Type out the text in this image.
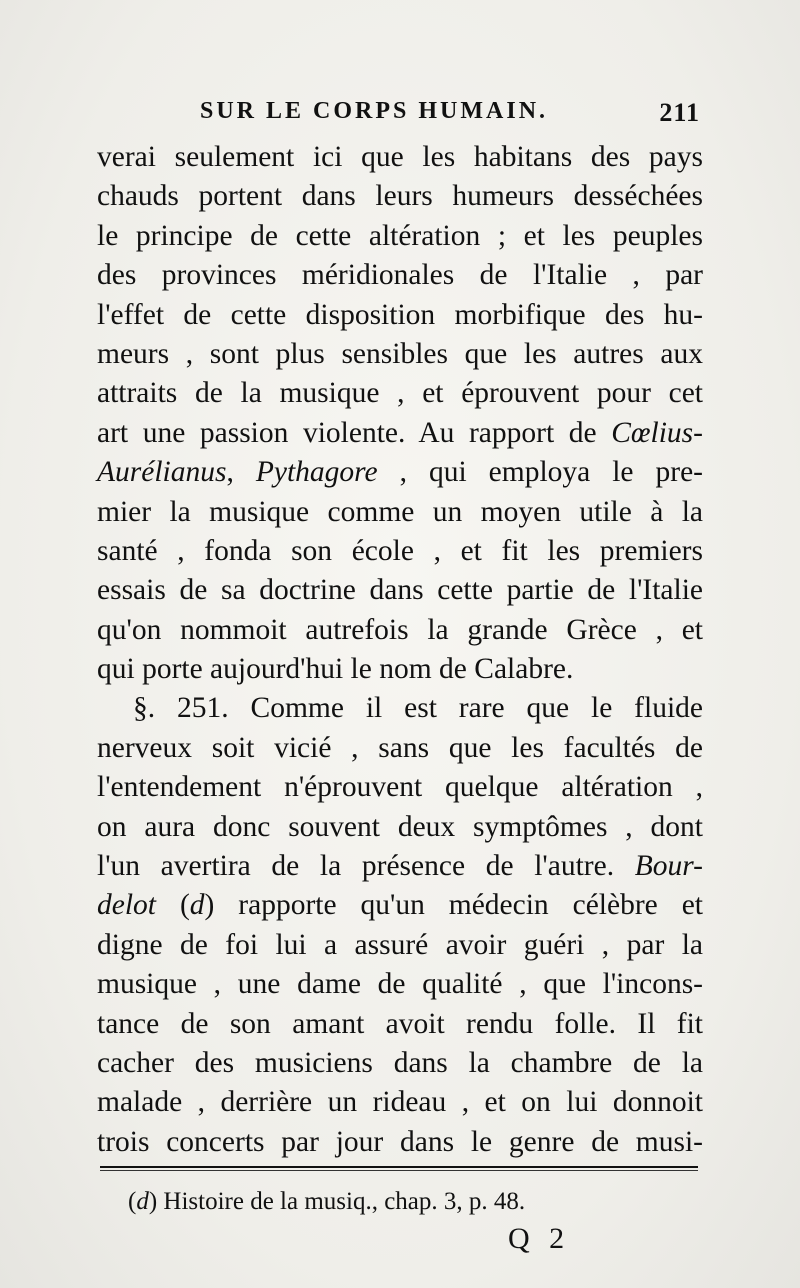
SUR LE CORPS HUMAIN.	211
verai seulement ici que les habitans des pays
chauds portent dans leurs humeurs desséchées
le principe de cette altération ; et les peuples
des provinces méridionales de l'Italie , par
l'effet de cette disposition morbifique des hu-
meurs , sont plus sensibles que les autres aux
attraits de la musique , et éprouvent pour cet
art une passion violente. Au rapport de Cœlius-
Aurélianus, Pythagore , qui employa le pre-
mier la musique comme un moyen utile à la
santé , fonda son école , et fit les premiers
essais de sa doctrine dans cette partie de l'Italie
qu'on nommoit autrefois la grande Grèce , et
qui porte aujourd'hui le nom de Calabre.
§. 251. Comme il est rare que le fluide
nerveux soit vicié , sans que les facultés de
l'entendement n'éprouvent quelque altération ,
on aura donc souvent deux symptômes , dont
l'un avertira de la présence de l'autre. Bour-
delot (d) rapporte qu'un médecin célèbre et
digne de foi lui a assuré avoir guéri , par la
musique , une dame de qualité , que l'incons-
tance de son amant avoit rendu folle. Il fit
cacher des musiciens dans la chambre de la
malade , derrière un rideau , et on lui donnoit
trois concerts par jour dans le genre de musi-
(d) Histoire de la musiq., chap. 3, p. 48.
Q 2
